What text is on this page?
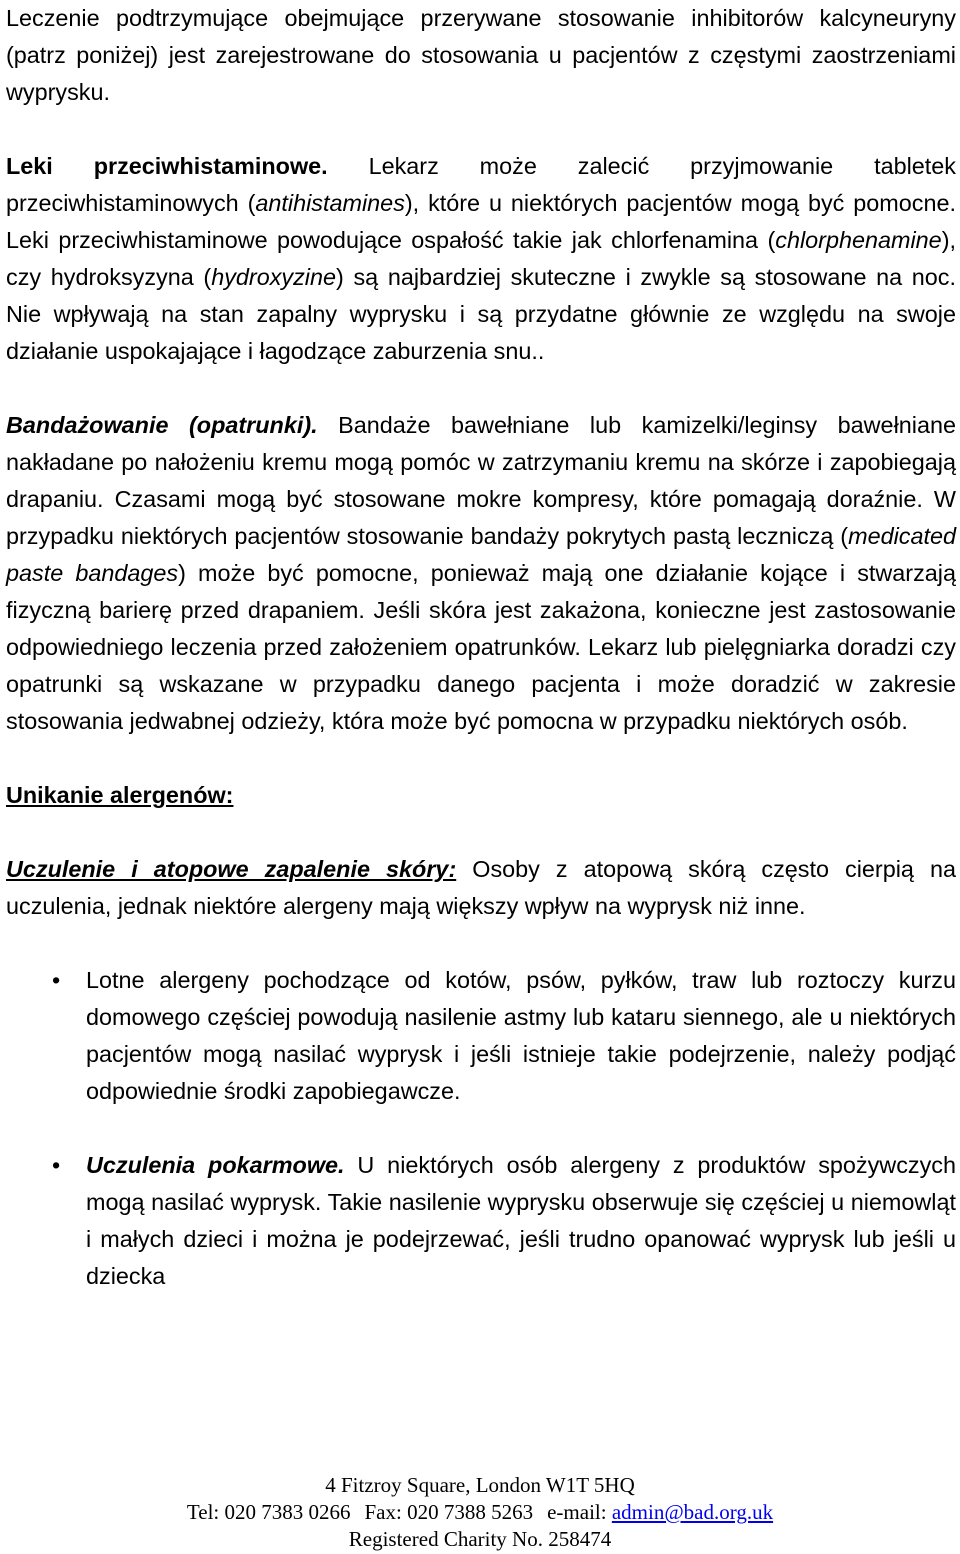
Leczenie podtrzymujące obejmujące przerywane stosowanie inhibitorów kalcyneuryny (patrz poniżej) jest zarejestrowane do stosowania u pacjentów z częstymi zaostrzeniami wyprysku.

Leki przeciwhistaminowe. Lekarz może zalecić przyjmowanie tabletek przeciwhistaminowych (antihistamines), które u niektórych pacjentów mogą być pomocne. Leki przeciwhistaminowe powodujące ospałość takie jak chlorfenamina (chlorphenamine), czy hydroksyzyna (hydroxyzine) są najbardziej skuteczne i zwykle są stosowane na noc. Nie wpływają na stan zapalny wyprysku i są przydatne głównie ze względu na swoje działanie uspokajające i łagodzące zaburzenia snu..

Bandażowanie (opatrunki). Bandaże bawełniane lub kamizelki/leginsy bawełniane nakładane po nałożeniu kremu mogą pomóc w zatrzymaniu kremu na skórze i zapobiegają drapaniu. Czasami mogą być stosowane mokre kompresy, które pomagają doraźnie. W przypadku niektórych pacjentów stosowanie bandaży pokrytych pastą leczniczą (medicated paste bandages) może być pomocne, ponieważ mają one działanie kojące i stwarzają fizyczną barierę przed drapaniem. Jeśli skóra jest zakażona, konieczne jest zastosowanie odpowiedniego leczenia przed założeniem opatrunków. Lekarz lub pielęgniarka doradzi czy opatrunki są wskazane w przypadku danego pacjenta i może doradzić w zakresie stosowania jedwabnej odzieży, która może być pomocna w przypadku niektórych osób.

Unikanie alergenów:

Uczulenie i atopowe zapalenie skóry: Osoby z atopową skórą często cierpią na uczulenia, jednak niektóre alergeny mają większy wpływ na wyprysk niż inne.

• Lotne alergeny pochodzące od kotów, psów, pyłków, traw lub roztoczy kurzu domowego częściej powodują nasilenie astmy lub kataru siennego, ale u niektórych pacjentów mogą nasilać wyprysk i jeśli istnieje takie podejrzenie, należy podjąć odpowiednie środki zapobiegawcze.

• Uczulenia pokarmowe. U niektórych osób alergeny z produktów spożywczych mogą nasilać wyprysk. Takie nasilenie wyprysku obserwuje się częściej u niemowląt i małych dzieci i można je podejrzewać, jeśli trudno opanować wyprysk lub jeśli u dziecka

4 Fitzroy Square, London W1T 5HQ
Tel: 020 7383 0266 Fax: 020 7388 5263 e-mail: admin@bad.org.uk
Registered Charity No. 258474
